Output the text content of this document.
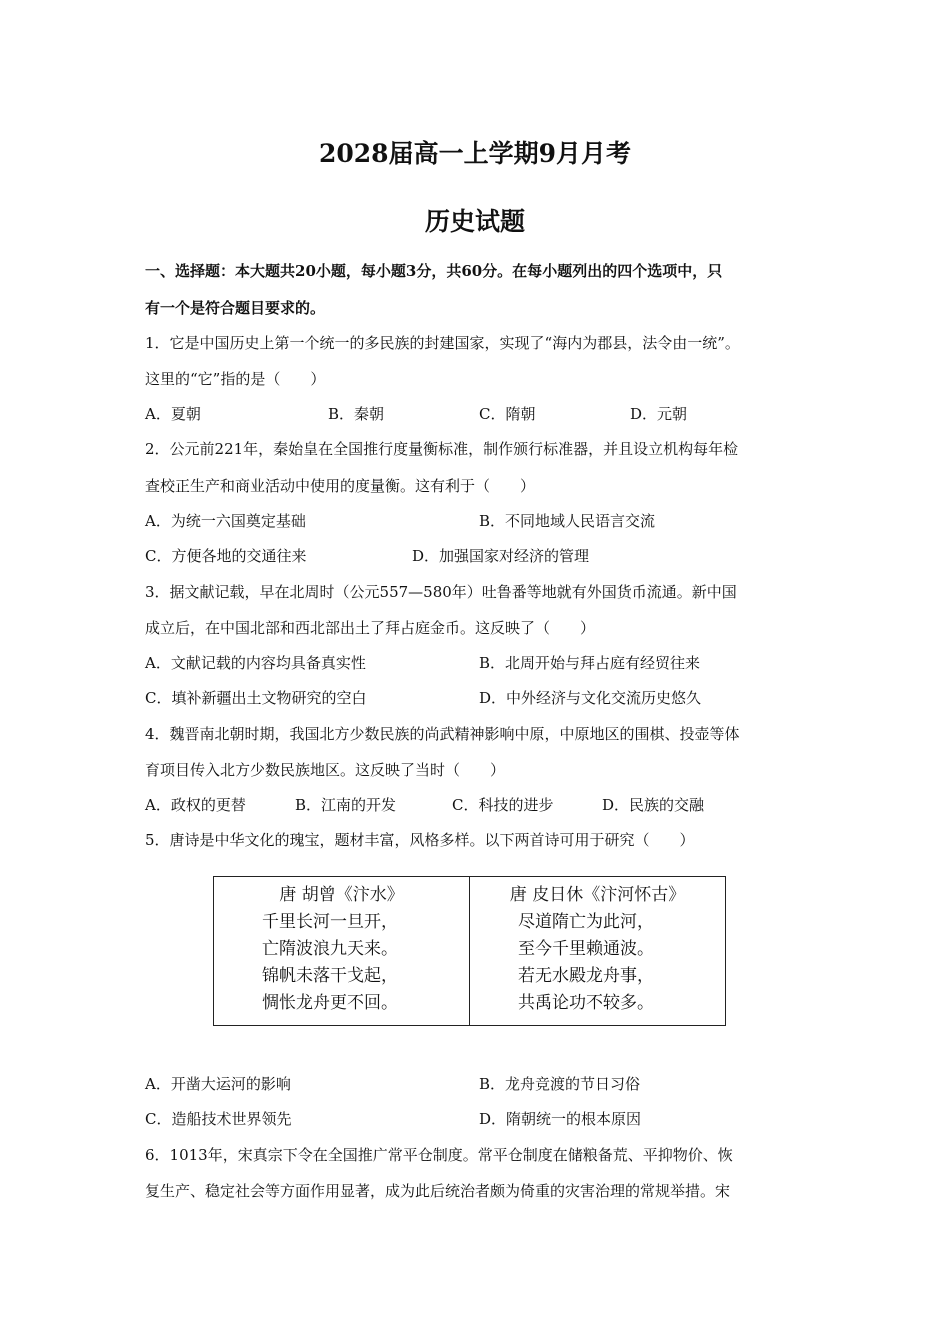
2028届高一上学期9月月考
历史试题
一、选择题：本大题共20小题，每小题3分，共60分。在每小题列出的四个选项中，只
有一个是符合题目要求的。
1．它是中国历史上第一个统一的多民族的封建国家，实现了“海内为郡县，法令由一统”。
这里的“它”指的是（　　）
A．夏朝	B．秦朝	C．隋朝	D．元朝
2．公元前221年，秦始皇在全国推行度量衡标准，制作颁行标准器，并且设立机构每年检
查校正生产和商业活动中使用的度量衡。这有利于（　　）
A．为统一六国奠定基础	B．不同地域人民语言交流
C．方便各地的交通往来	D．加强国家对经济的管理
3．据文献记载，早在北周时（公元557—580年）吐鲁番等地就有外国货币流通。新中国
成立后，在中国北部和西北部出土了拜占庭金币。这反映了（　　）
A．文献记载的内容均具备真实性	B．北周开始与拜占庭有经贸往来
C．填补新疆出土文物研究的空白	D．中外经济与文化交流历史悠久
4．魏晋南北朝时期，我国北方少数民族的尚武精神影响中原，中原地区的围棋、投壶等体
育项目传入北方少数民族地区。这反映了当时（　　）
A．政权的更替	B．江南的开发	C．科技的进步	D．民族的交融
5．唐诗是中华文化的瑰宝，题材丰富，风格多样。以下两首诗可用于研究（　　）
唐 胡曾《汴水》
千里长河一旦开，
亡隋波浪九天来。
锦帆未落干戈起，
惆怅龙舟更不回。
唐 皮日休《汴河怀古》
尽道隋亡为此河，
至今千里赖通波。
若无水殿龙舟事，
共禹论功不较多。
A．开凿大运河的影响	B．龙舟竞渡的节日习俗
C．造船技术世界领先	D．隋朝统一的根本原因
6．1013年，宋真宗下令在全国推广常平仓制度。常平仓制度在储粮备荒、平抑物价、恢
复生产、稳定社会等方面作用显著，成为此后统治者颇为倚重的灾害治理的常规举措。宋
